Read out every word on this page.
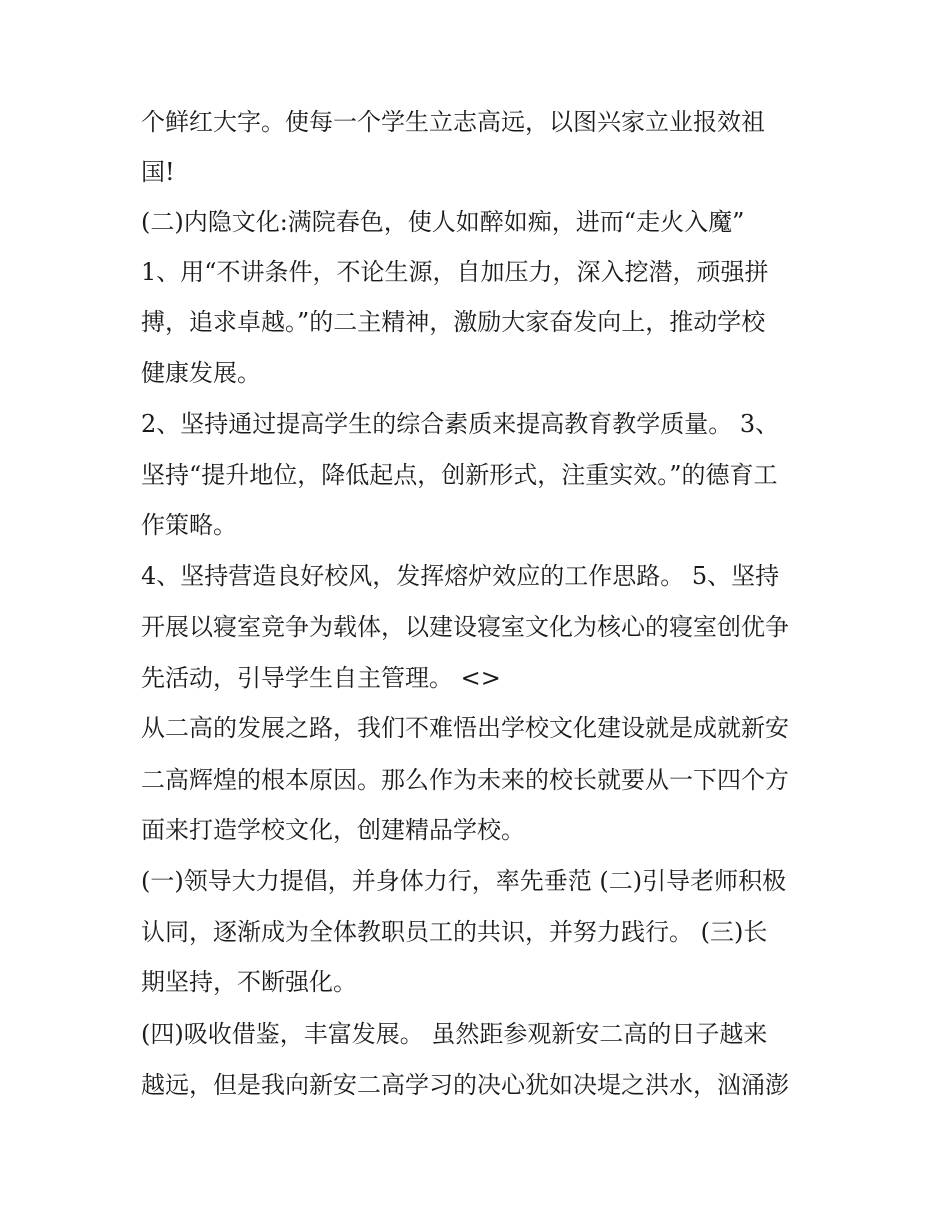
个鲜红大字。使每一个学生立志高远，以图兴家立业报效祖
国!
(二)内隐文化:满院春色，使人如醉如痴，进而“走火入魔”
1、用“不讲条件，不论生源，自加压力，深入挖潜，顽强拼
搏，追求卓越。”的二主精神，激励大家奋发向上，推动学校
健康发展。
2、坚持通过提高学生的综合素质来提高教育教学质量。 3、
坚持“提升地位，降低起点，创新形式，注重实效。”的德育工
作策略。
4、坚持营造良好校风，发挥熔炉效应的工作思路。 5、坚持
开展以寝室竞争为载体，以建设寝室文化为核心的寝室创优争
先活动，引导学生自主管理。 <>
从二高的发展之路，我们不难悟出学校文化建设就是成就新安
二高辉煌的根本原因。那么作为未来的校长就要从一下四个方
面来打造学校文化，创建精品学校。
(一)领导大力提倡，并身体力行，率先垂范 (二)引导老师积极
认同，逐渐成为全体教职员工的共识，并努力践行。 (三)长
期坚持，不断强化。
(四)吸收借鉴，丰富发展。 虽然距参观新安二高的日子越来
越远，但是我向新安二高学习的决心犹如决堤之洪水，汹涌澎
